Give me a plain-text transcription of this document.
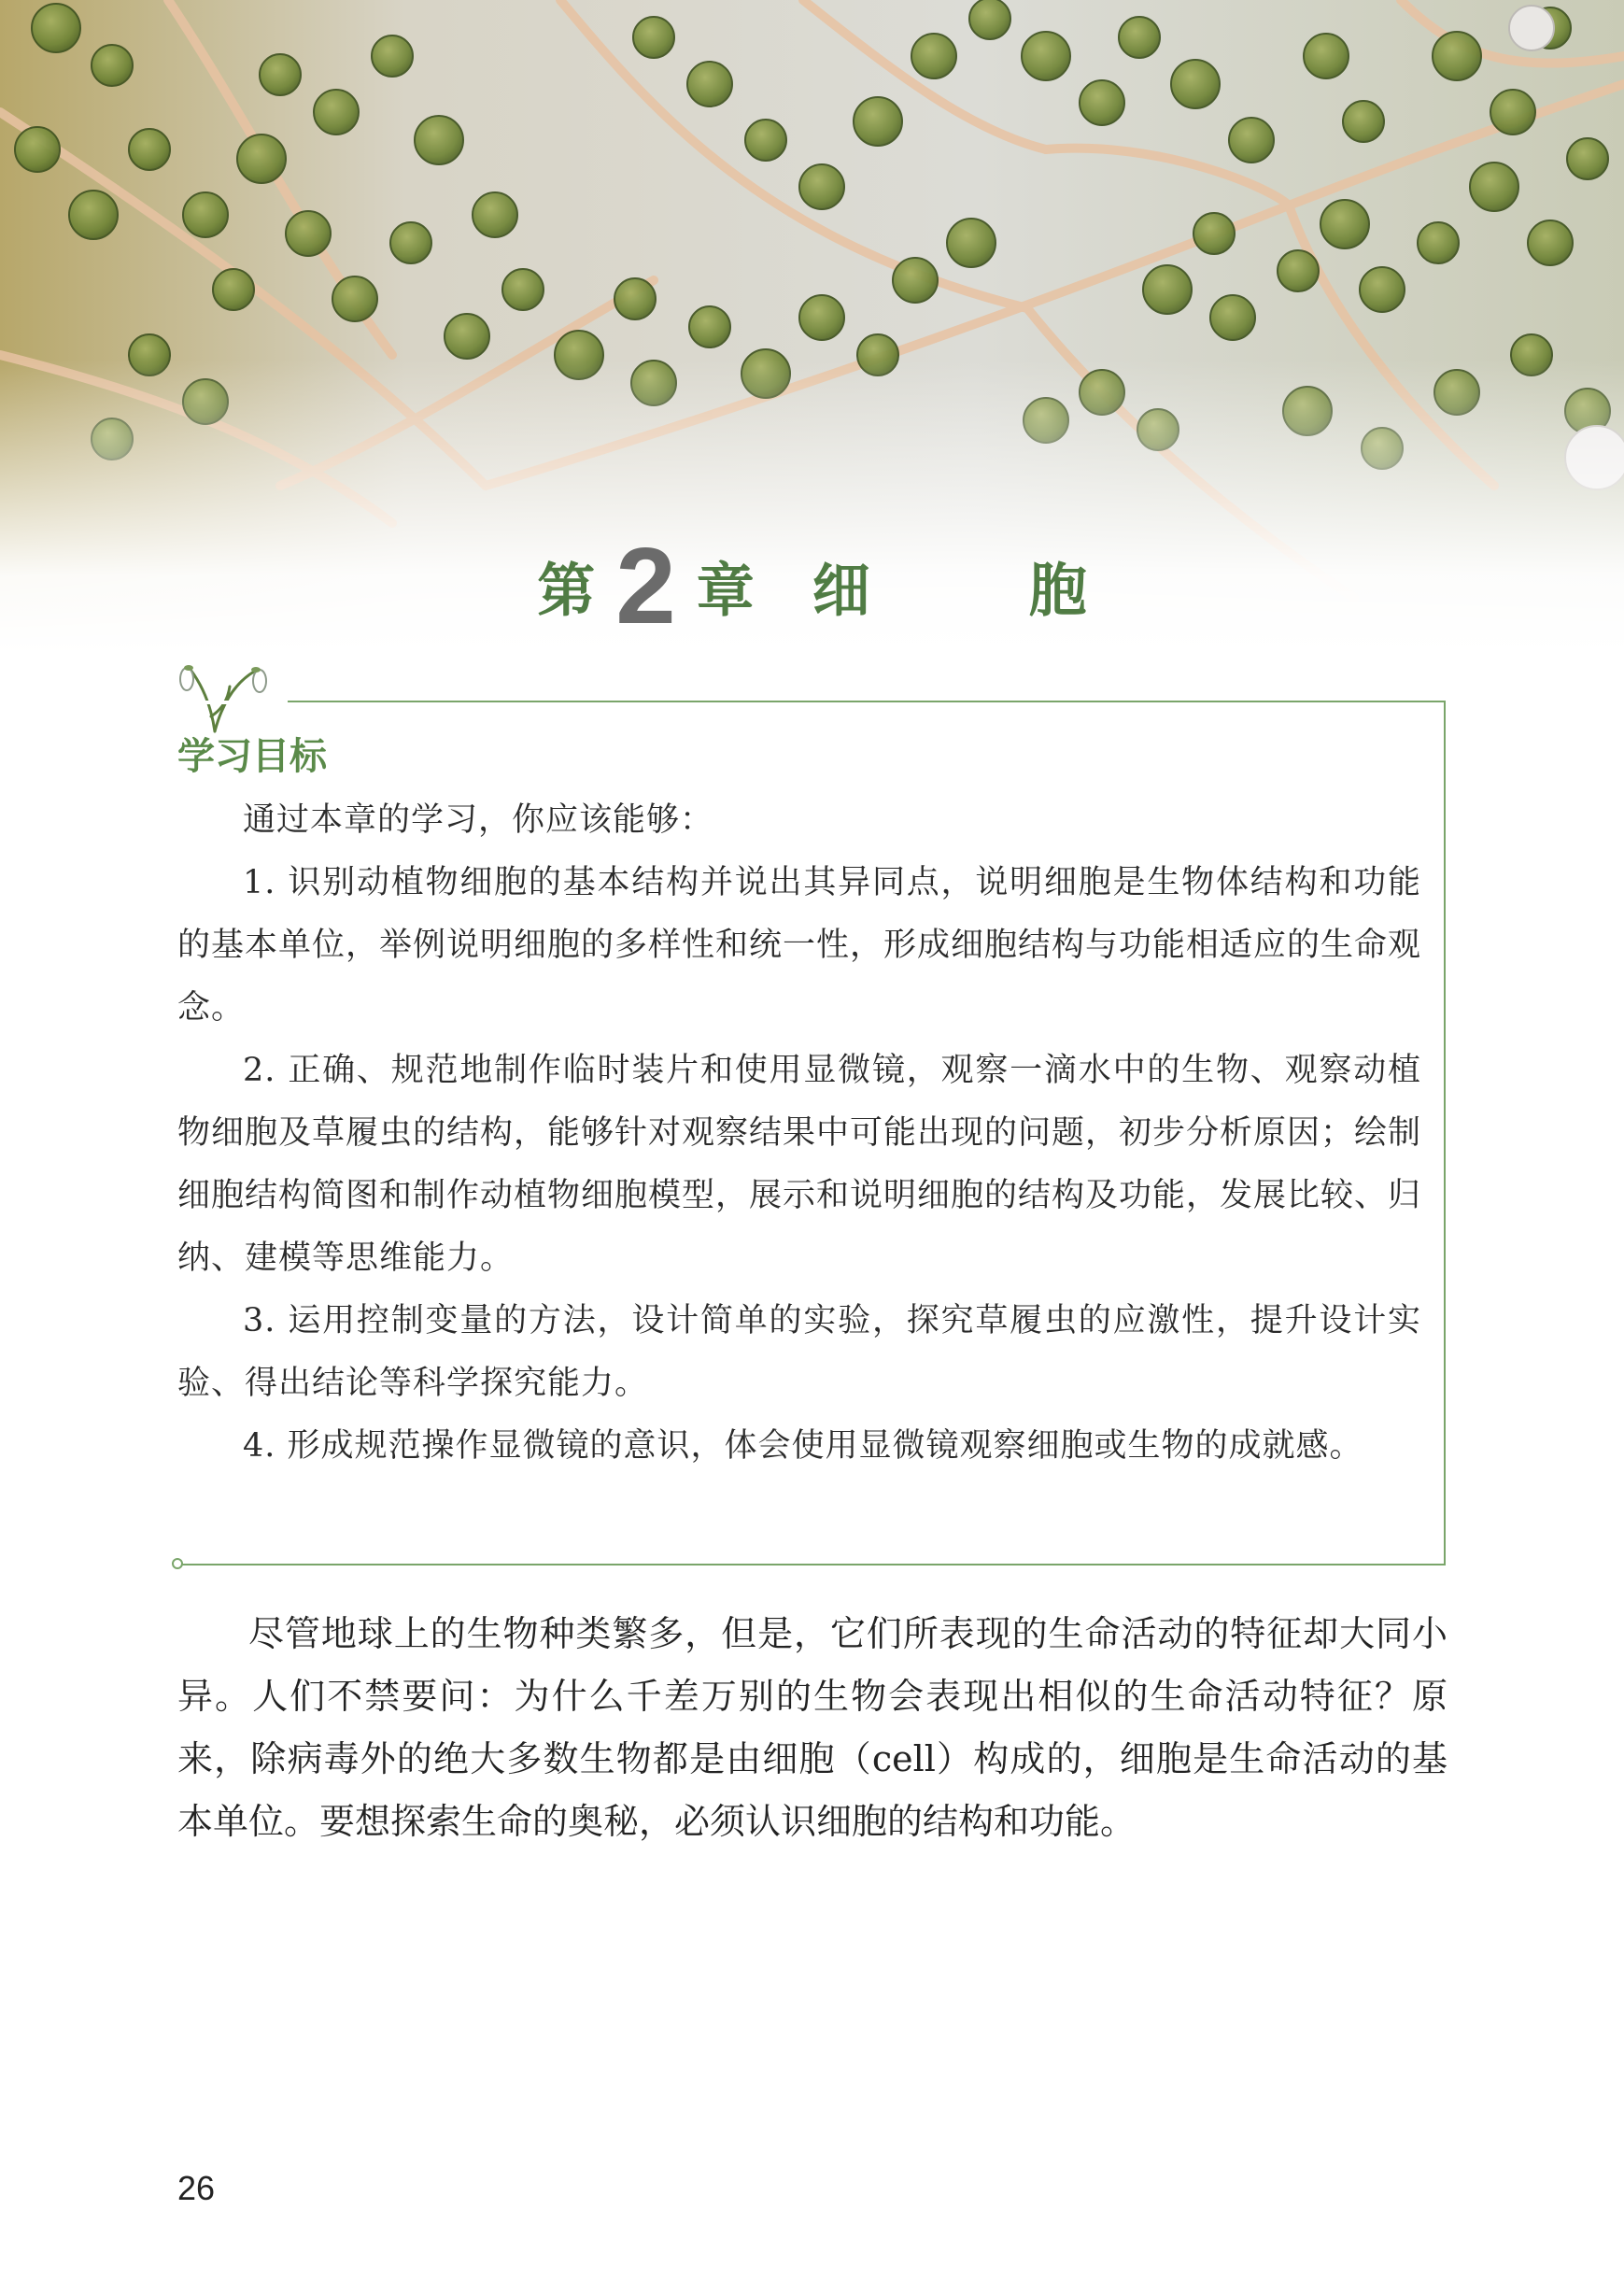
第 2 章 细	胞
学习目标

通过本章的学习，你应该能够：

1. 识别动植物细胞的基本结构并说出其异同点，说明细胞是生物体结构和功能的基本单位，举例说明细胞的多样性和统一性，形成细胞结构与功能相适应的生命观念。

2. 正确、规范地制作临时装片和使用显微镜，观察一滴水中的生物、观察动植物细胞及草履虫的结构，能够针对观察结果中可能出现的问题，初步分析原因；绘制细胞结构简图和制作动植物细胞模型，展示和说明细胞的结构及功能，发展比较、归纳、建模等思维能力。

3. 运用控制变量的方法，设计简单的实验，探究草履虫的应激性，提升设计实验、得出结论等科学探究能力。

4. 形成规范操作显微镜的意识，体会使用显微镜观察细胞或生物的成就感。

尽管地球上的生物种类繁多，但是，它们所表现的生命活动的特征却大同小异。人们不禁要问：为什么千差万别的生物会表现出相似的生命活动特征？原来，除病毒外的绝大多数生物都是由细胞（cell）构成的，细胞是生命活动的基本单位。要想探索生命的奥秘，必须认识细胞的结构和功能。

26
